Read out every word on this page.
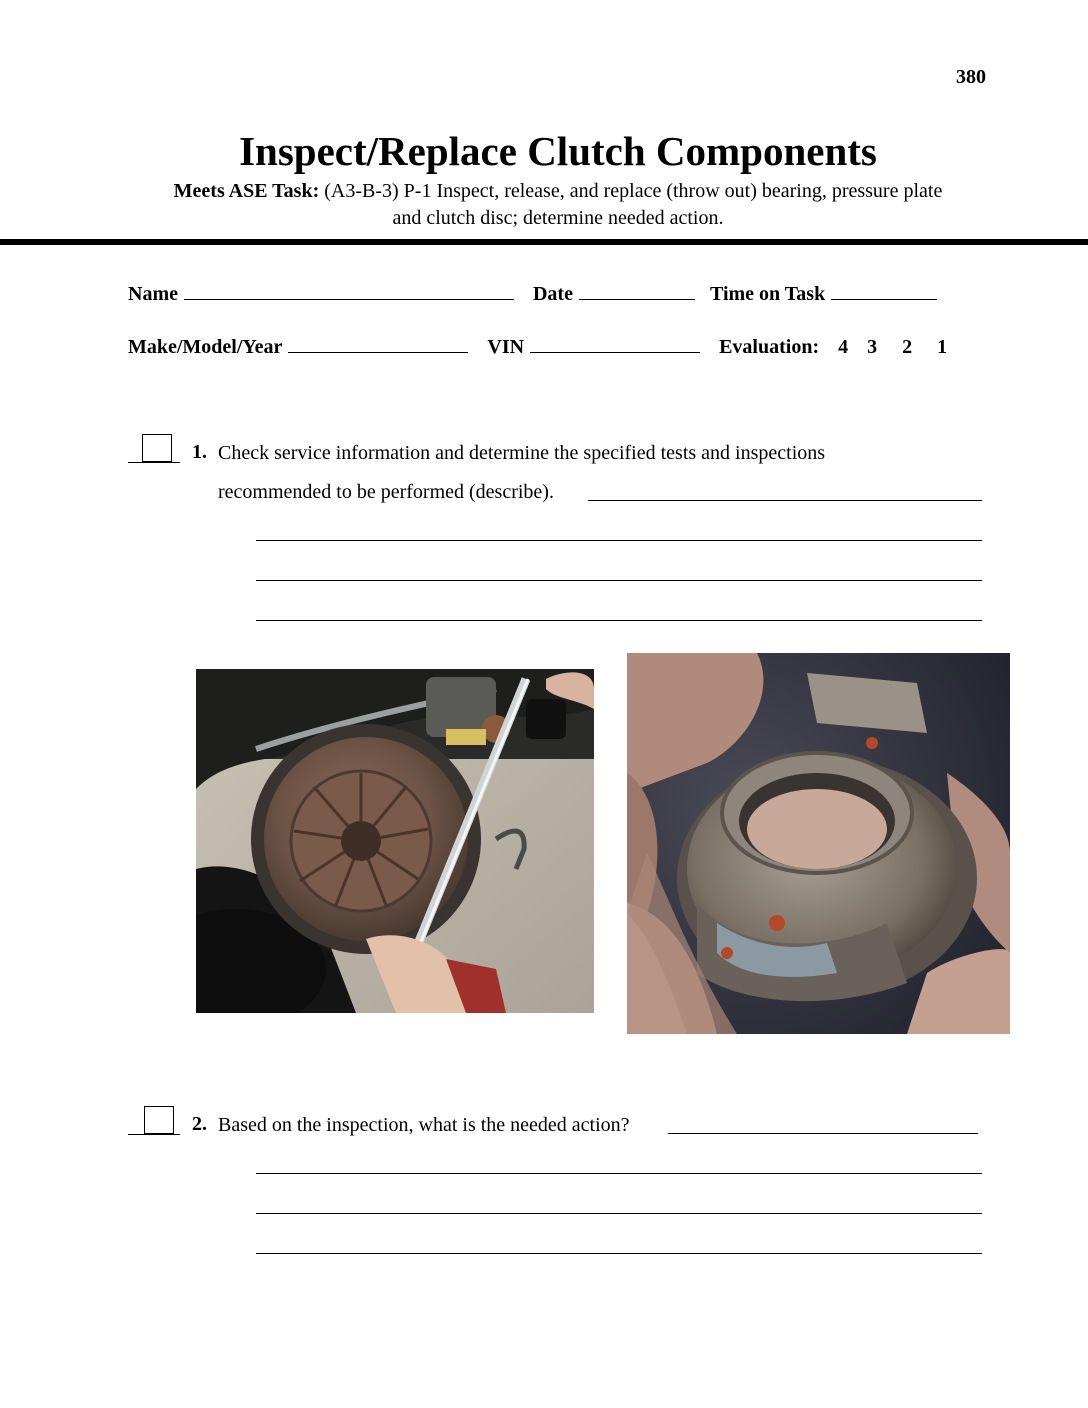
380
Inspect/Replace Clutch Components
Meets ASE Task: (A3-B-3) P-1 Inspect, release, and replace (throw out) bearing, pressure plate
and clutch disc; determine needed action.
Name	Date	Time on Task
Make/Model/Year	VIN	Evaluation: 4 3 2 1
1. Check service information and determine the specified tests and inspections
recommended to be performed (describe).
2. Based on the inspection, what is the needed action?
